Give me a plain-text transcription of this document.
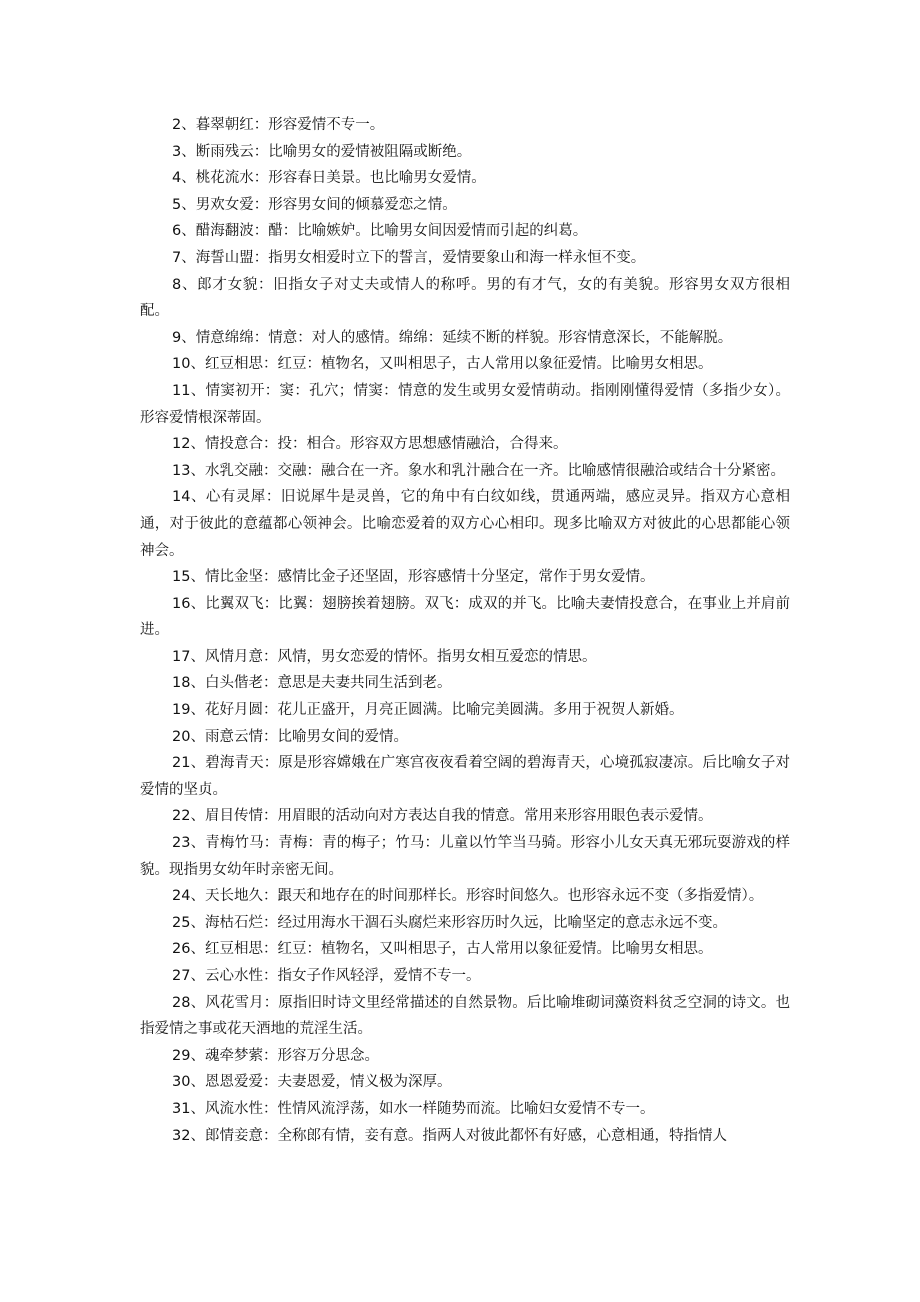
2、暮翠朝红：形容爱情不专一。

3、断雨残云：比喻男女的爱情被阻隔或断绝。

4、桃花流水：形容春日美景。也比喻男女爱情。

5、男欢女爱：形容男女间的倾慕爱恋之情。

6、醋海翻波：醋：比喻嫉妒。比喻男女间因爱情而引起的纠葛。

7、海誓山盟：指男女相爱时立下的誓言，爱情要象山和海一样永恒不变。

8、郎才女貌：旧指女子对丈夫或情人的称呼。男的有才气，女的有美貌。形容男女双方很相配。

9、情意绵绵：情意：对人的感情。绵绵：延续不断的样貌。形容情意深长，不能解脱。

10、红豆相思：红豆：植物名，又叫相思子，古人常用以象征爱情。比喻男女相思。

11、情窦初开：窦：孔穴；情窦：情意的发生或男女爱情萌动。指刚刚懂得爱情（多指少女）。形容爱情根深蒂固。

12、情投意合：投：相合。形容双方思想感情融洽，合得来。

13、水乳交融：交融：融合在一齐。象水和乳汁融合在一齐。比喻感情很融洽或结合十分紧密。

14、心有灵犀：旧说犀牛是灵兽，它的角中有白纹如线，贯通两端，感应灵异。指双方心意相通，对于彼此的意蕴都心领神会。比喻恋爱着的双方心心相印。现多比喻双方对彼此的心思都能心领神会。

15、情比金坚：感情比金子还坚固，形容感情十分坚定，常作于男女爱情。

16、比翼双飞：比翼：翅膀挨着翅膀。双飞：成双的并飞。比喻夫妻情投意合，在事业上并肩前进。

17、风情月意：风情，男女恋爱的情怀。指男女相互爱恋的情思。

18、白头偕老：意思是夫妻共同生活到老。

19、花好月圆：花儿正盛开，月亮正圆满。比喻完美圆满。多用于祝贺人新婚。

20、雨意云情：比喻男女间的爱情。

21、碧海青天：原是形容嫦娥在广寒宫夜夜看着空阔的碧海青天，心境孤寂凄凉。后比喻女子对爱情的坚贞。

22、眉目传情：用眉眼的活动向对方表达自我的情意。常用来形容用眼色表示爱情。

23、青梅竹马：青梅：青的梅子；竹马：儿童以竹竿当马骑。形容小儿女天真无邪玩耍游戏的样貌。现指男女幼年时亲密无间。

24、天长地久：跟天和地存在的时间那样长。形容时间悠久。也形容永远不变（多指爱情）。

25、海枯石烂：经过用海水干涸石头腐烂来形容历时久远，比喻坚定的意志永远不变。

26、红豆相思：红豆：植物名，又叫相思子，古人常用以象征爱情。比喻男女相思。

27、云心水性：指女子作风轻浮，爱情不专一。

28、风花雪月：原指旧时诗文里经常描述的自然景物。后比喻堆砌词藻资料贫乏空洞的诗文。也指爱情之事或花天酒地的荒淫生活。

29、魂牵梦萦：形容万分思念。

30、恩恩爱爱：夫妻恩爱，情义极为深厚。

31、风流水性：性情风流浮荡，如水一样随势而流。比喻妇女爱情不专一。

32、郎情妾意：全称郎有情，妾有意。指两人对彼此都怀有好感，心意相通，特指情人
